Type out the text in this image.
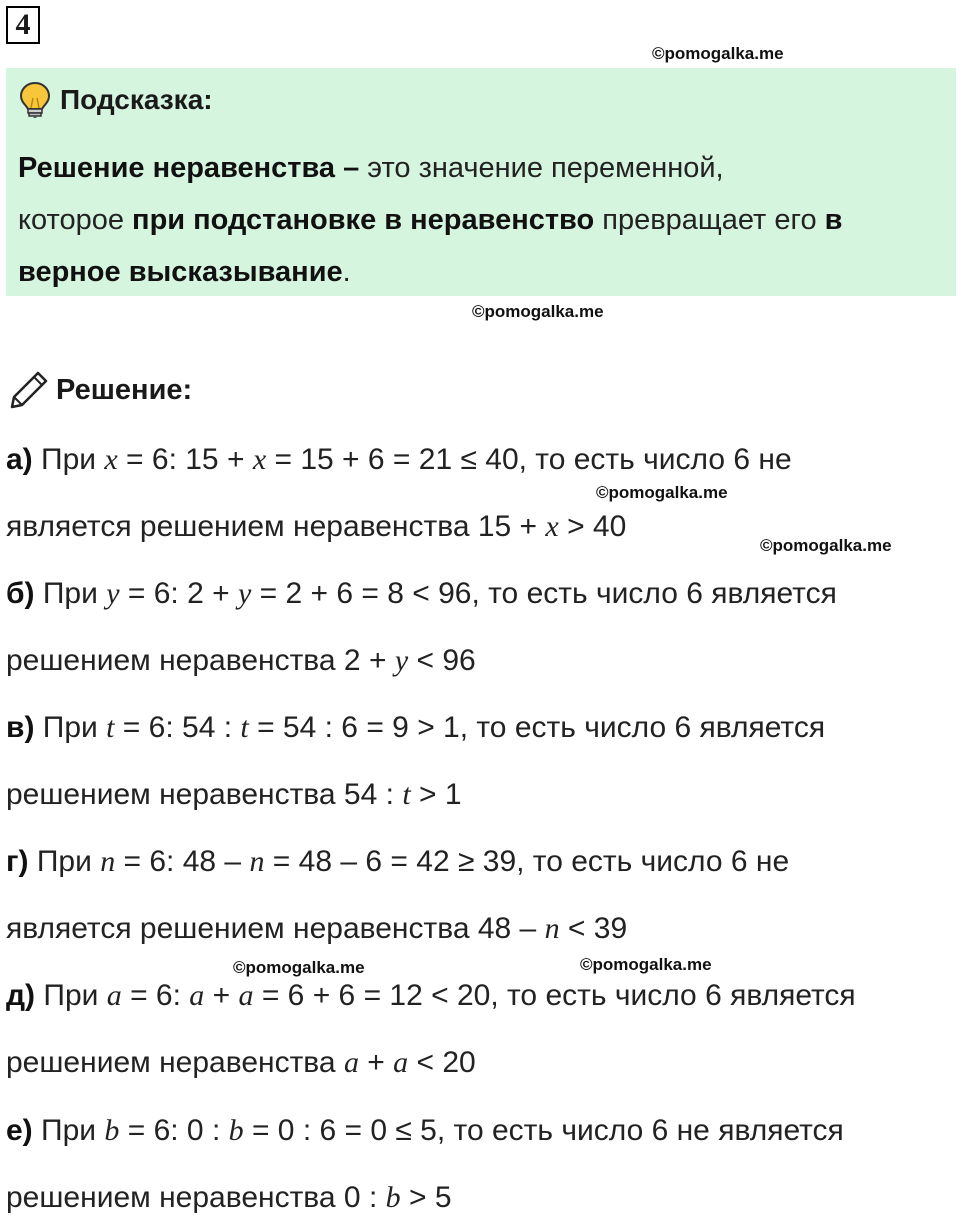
4
©pomogalka.me
Подсказка:
Решение неравенства – это значение переменной,
которое при подстановке в неравенство превращает его в
верное высказывание.
©pomogalka.me
Решение:
а) При x = 6: 15 + x = 15 + 6 = 21 ≤ 40, то есть число 6 не
©pomogalka.me
является решением неравенства 15 + x > 40
©pomogalka.me
б) При y = 6: 2 + y = 2 + 6 = 8 < 96, то есть число 6 является
решением неравенства 2 + y < 96
в) При t = 6: 54 : t = 54 : 6 = 9 > 1, то есть число 6 является
решением неравенства 54 : t > 1
г) При n = 6: 48 – n = 48 – 6 = 42 ≥ 39, то есть число 6 не
является решением неравенства 48 – n < 39
©pomogalka.me	©pomogalka.me
д) При a = 6: a + a = 6 + 6 = 12 < 20, то есть число 6 является
решением неравенства a + a < 20
е) При b = 6: 0 : b = 0 : 6 = 0 ≤ 5, то есть число 6 не является
решением неравенства 0 : b > 5
